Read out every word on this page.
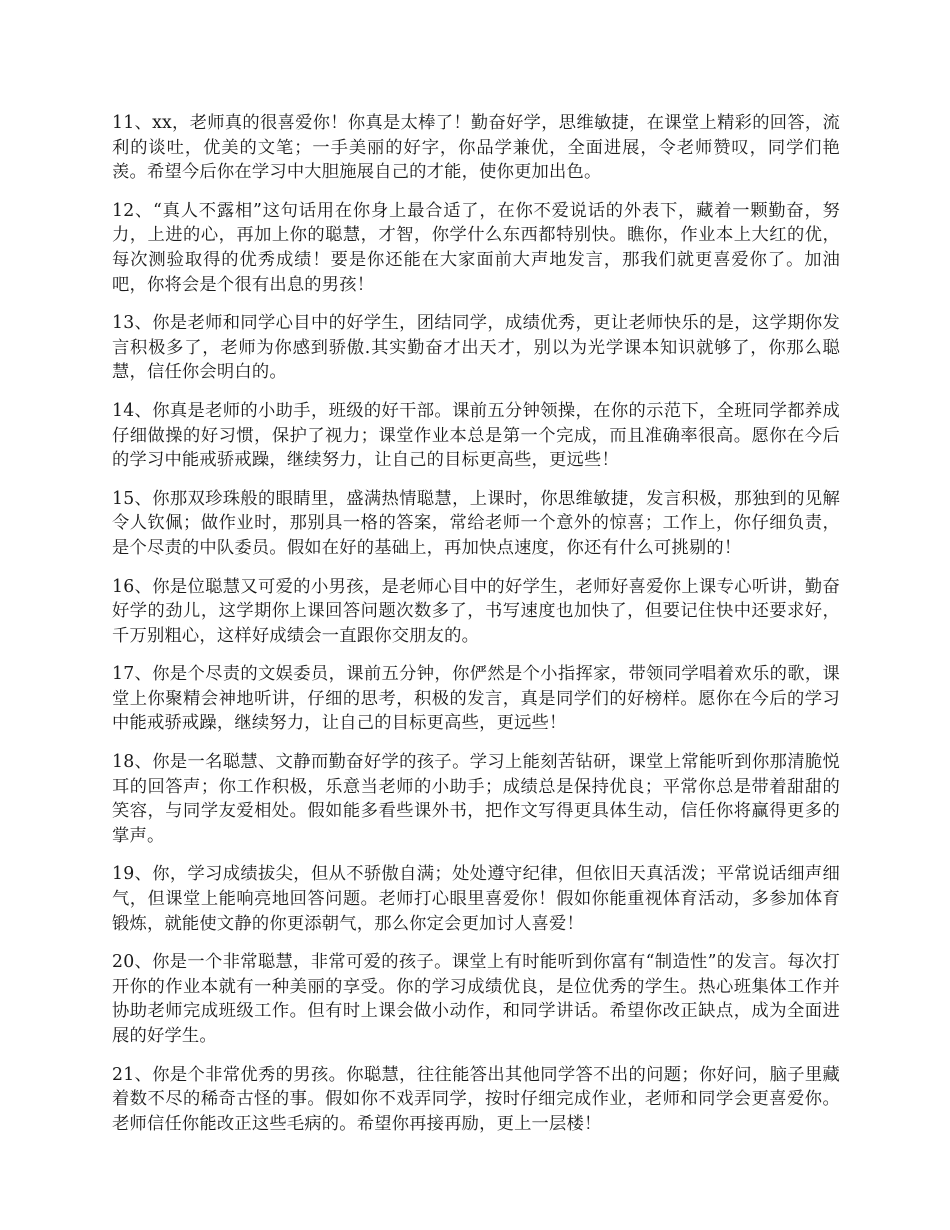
11、xx，老师真的很喜爱你！你真是太棒了！勤奋好学，思维敏捷，在课堂上精彩的回答，流利的谈吐，优美的文笔；一手美丽的好字，你品学兼优，全面进展，令老师赞叹，同学们艳羡。希望今后你在学习中大胆施展自己的才能，使你更加出色。

12、“真人不露相”这句话用在你身上最合适了，在你不爱说话的外表下，藏着一颗勤奋，努力，上进的心，再加上你的聪慧，才智，你学什么东西都特别快。瞧你，作业本上大红的优，每次测验取得的优秀成绩！要是你还能在大家面前大声地发言，那我们就更喜爱你了。加油吧，你将会是个很有出息的男孩！

13、你是老师和同学心目中的好学生，团结同学，成绩优秀，更让老师快乐的是，这学期你发言积极多了，老师为你感到骄傲.其实勤奋才出天才，别以为光学课本知识就够了，你那么聪慧，信任你会明白的。

14、你真是老师的小助手，班级的好干部。课前五分钟领操，在你的示范下，全班同学都养成仔细做操的好习惯，保护了视力；课堂作业本总是第一个完成，而且准确率很高。愿你在今后的学习中能戒骄戒躁，继续努力，让自己的目标更高些，更远些！

15、你那双珍珠般的眼睛里，盛满热情聪慧，上课时，你思维敏捷，发言积极，那独到的见解令人钦佩；做作业时，那别具一格的答案，常给老师一个意外的惊喜；工作上，你仔细负责，是个尽责的中队委员。假如在好的基础上，再加快点速度，你还有什么可挑剔的！

16、你是位聪慧又可爱的小男孩，是老师心目中的好学生，老师好喜爱你上课专心听讲，勤奋好学的劲儿，这学期你上课回答问题次数多了，书写速度也加快了，但要记住快中还要求好，千万别粗心，这样好成绩会一直跟你交朋友的。

17、你是个尽责的文娱委员，课前五分钟，你俨然是个小指挥家，带领同学唱着欢乐的歌，课堂上你聚精会神地听讲，仔细的思考，积极的发言，真是同学们的好榜样。愿你在今后的学习中能戒骄戒躁，继续努力，让自己的目标更高些，更远些！

18、你是一名聪慧、文静而勤奋好学的孩子。学习上能刻苦钻研，课堂上常能听到你那清脆悦耳的回答声；你工作积极，乐意当老师的小助手；成绩总是保持优良；平常你总是带着甜甜的笑容，与同学友爱相处。假如能多看些课外书，把作文写得更具体生动，信任你将赢得更多的掌声。

19、你，学习成绩拔尖，但从不骄傲自满；处处遵守纪律，但依旧天真活泼；平常说话细声细气，但课堂上能响亮地回答问题。老师打心眼里喜爱你！假如你能重视体育活动，多参加体育锻炼，就能使文静的你更添朝气，那么你定会更加讨人喜爱！

20、你是一个非常聪慧，非常可爱的孩子。课堂上有时能听到你富有“制造性”的发言。每次打开你的作业本就有一种美丽的享受。你的学习成绩优良，是位优秀的学生。热心班集体工作并协助老师完成班级工作。但有时上课会做小动作，和同学讲话。希望你改正缺点，成为全面进展的好学生。

21、你是个非常优秀的男孩。你聪慧，往往能答出其他同学答不出的问题；你好问，脑子里藏着数不尽的稀奇古怪的事。假如你不戏弄同学，按时仔细完成作业，老师和同学会更喜爱你。老师信任你能改正这些毛病的。希望你再接再励，更上一层楼！
